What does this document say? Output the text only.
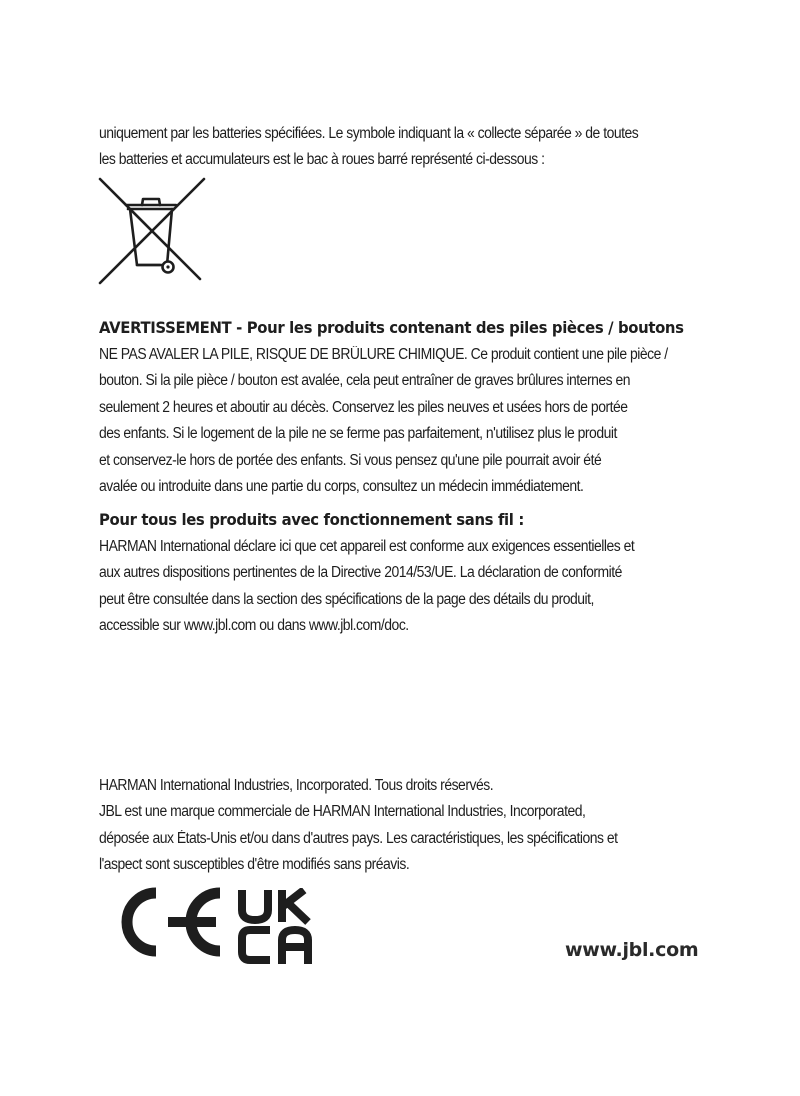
uniquement par les batteries spécifiées. Le symbole indiquant la « collecte séparée » de toutes
les batteries et accumulateurs est le bac à roues barré représenté ci-dessous :
AVERTISSEMENT - Pour les produits contenant des piles pièces / boutons
NE PAS AVALER LA PILE, RISQUE DE BRÛLURE CHIMIQUE. Ce produit contient une pile pièce /
bouton. Si la pile pièce / bouton est avalée, cela peut entraîner de graves brûlures internes en
seulement 2 heures et aboutir au décès. Conservez les piles neuves et usées hors de portée
des enfants. Si le logement de la pile ne se ferme pas parfaitement, n'utilisez plus le produit
et conservez-le hors de portée des enfants. Si vous pensez qu'une pile pourrait avoir été
avalée ou introduite dans une partie du corps, consultez un médecin immédiatement.
Pour tous les produits avec fonctionnement sans fil :
HARMAN International déclare ici que cet appareil est conforme aux exigences essentielles et
aux autres dispositions pertinentes de la Directive 2014/53/UE. La déclaration de conformité
peut être consultée dans la section des spécifications de la page des détails du produit,
accessible sur www.jbl.com ou dans www.jbl.com/doc.
HARMAN International Industries, Incorporated. Tous droits réservés.
JBL est une marque commerciale de HARMAN International Industries, Incorporated,
déposée aux États-Unis et/ou dans d'autres pays. Les caractéristiques, les spécifications et
l'aspect sont susceptibles d'être modifiés sans préavis.
www.jbl.com
